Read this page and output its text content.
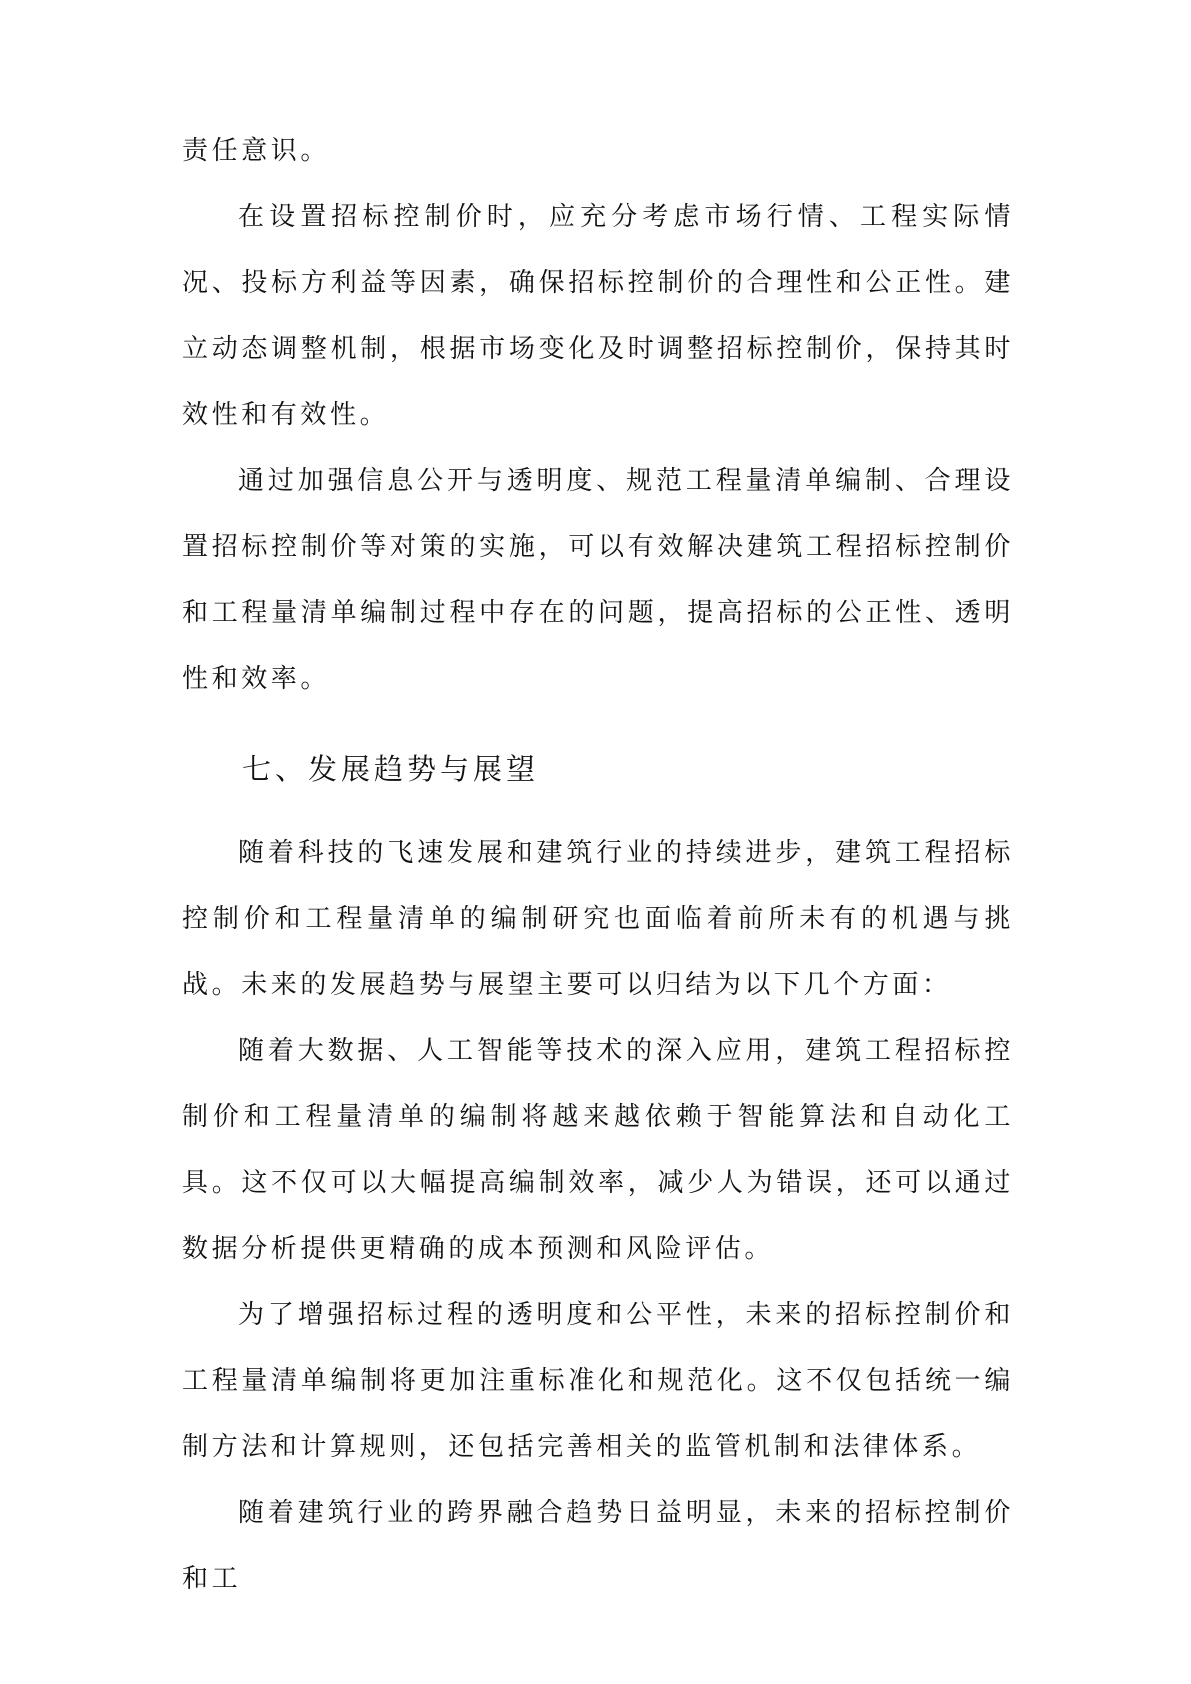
责任意识。

在设置招标控制价时，应充分考虑市场行情、工程实际情况、投标方利益等因素，确保招标控制价的合理性和公正性。建立动态调整机制，根据市场变化及时调整招标控制价，保持其时效性和有效性。

通过加强信息公开与透明度、规范工程量清单编制、合理设置招标控制价等对策的实施，可以有效解决建筑工程招标控制价和工程量清单编制过程中存在的问题，提高招标的公正性、透明性和效率。

七、发展趋势与展望

随着科技的飞速发展和建筑行业的持续进步，建筑工程招标控制价和工程量清单的编制研究也面临着前所未有的机遇与挑战。未来的发展趋势与展望主要可以归结为以下几个方面：

随着大数据、人工智能等技术的深入应用，建筑工程招标控制价和工程量清单的编制将越来越依赖于智能算法和自动化工具。这不仅可以大幅提高编制效率，减少人为错误，还可以通过数据分析提供更精确的成本预测和风险评估。

为了增强招标过程的透明度和公平性，未来的招标控制价和工程量清单编制将更加注重标准化和规范化。这不仅包括统一编制方法和计算规则，还包括完善相关的监管机制和法律体系。

随着建筑行业的跨界融合趋势日益明显，未来的招标控制价和工
